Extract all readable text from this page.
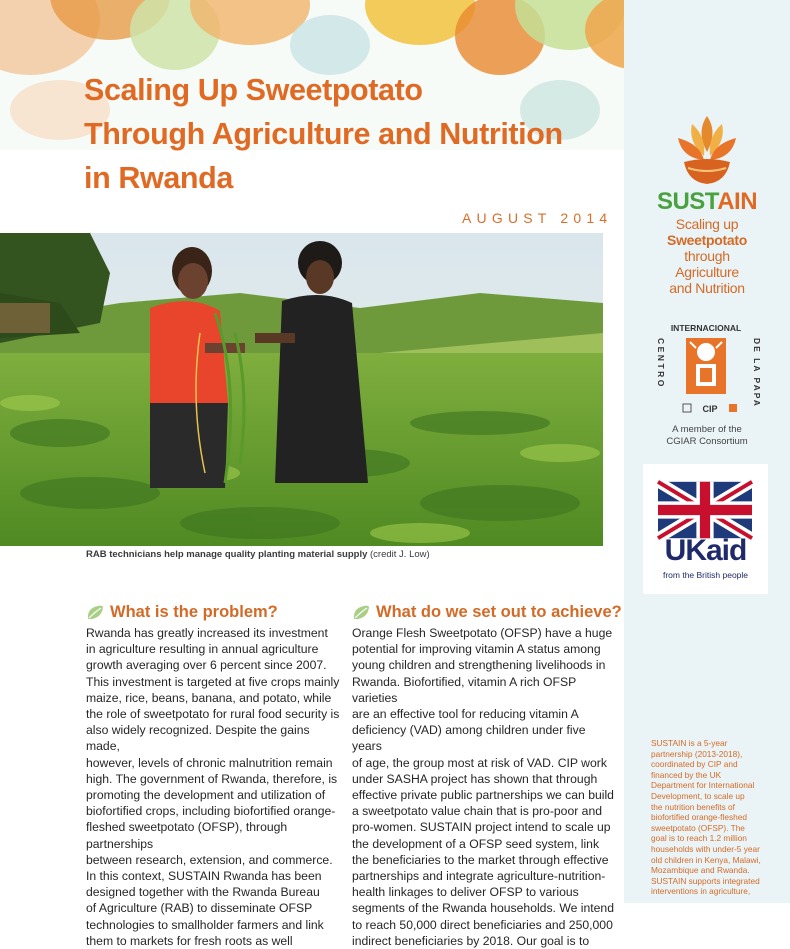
Scaling Up Sweetpotato
Through Agriculture and Nutrition
in Rwanda
AUGUST 2014
RAB technicians help manage quality planting material supply (credit J. Low)
What is the problem?

Rwanda has greatly increased its investment
in agriculture resulting in annual agriculture
growth averaging over 6 percent since 2007.
This investment is targeted at five crops mainly
maize, rice, beans, banana, and potato, while
the role of sweetpotato for rural food security is
also widely recognized. Despite the gains made,
however, levels of chronic malnutrition remain
high. The government of Rwanda, therefore, is
promoting the development and utilization of
biofortified crops, including biofortified orange-
fleshed sweetpotato (OFSP), through partnerships
between research, extension, and commerce.
In this context, SUSTAIN Rwanda has been
designed together with the Rwanda Bureau
of Agriculture (RAB) to disseminate OFSP
technologies to smallholder farmers and link
them to markets for fresh roots as well

What do we set out to achieve?

Orange Flesh Sweetpotato (OFSP) have a huge
potential for improving vitamin A status among
young children and strengthening livelihoods in
Rwanda. Biofortified, vitamin A rich OFSP varieties
are an effective tool for reducing vitamin A
deficiency (VAD) among children under five years
of age, the group most at risk of VAD. CIP work
under SASHA project has shown that through
effective private public partnerships we can build
a sweetpotato value chain that is pro-poor and
pro-women. SUSTAIN project intend to scale up
the development of a OFSP seed system, link
the beneficiaries to the market through effective
partnerships and integrate agriculture-nutrition-
health linkages to deliver OFSP to various
segments of the Rwanda households. We intend
to reach 50,000 direct beneficiaries and 250,000
indirect beneficiaries by 2018. Our goal is to

SUSTAIN
Scaling up
Sweetpotato
through Agriculture
and Nutrition
INTERNACIONAL
CENTRO	DE LA PAPA
CIP

A member of the
CGIAR Consortium

UKaid
from the British people
SUSTAIN is a 5-year
partnership (2013-2018),
coordinated by CIP and
financed by the UK
Department for International
Development, to scale up
the nutrition benefits of
biofortified orange-fleshed
sweetpotato (OFSP). The
goal is to reach 1.2 million
households with under-5 year
old children in Kenya, Malawi,
Mozambique and Rwanda.
SUSTAIN supports integrated
interventions in agriculture,
